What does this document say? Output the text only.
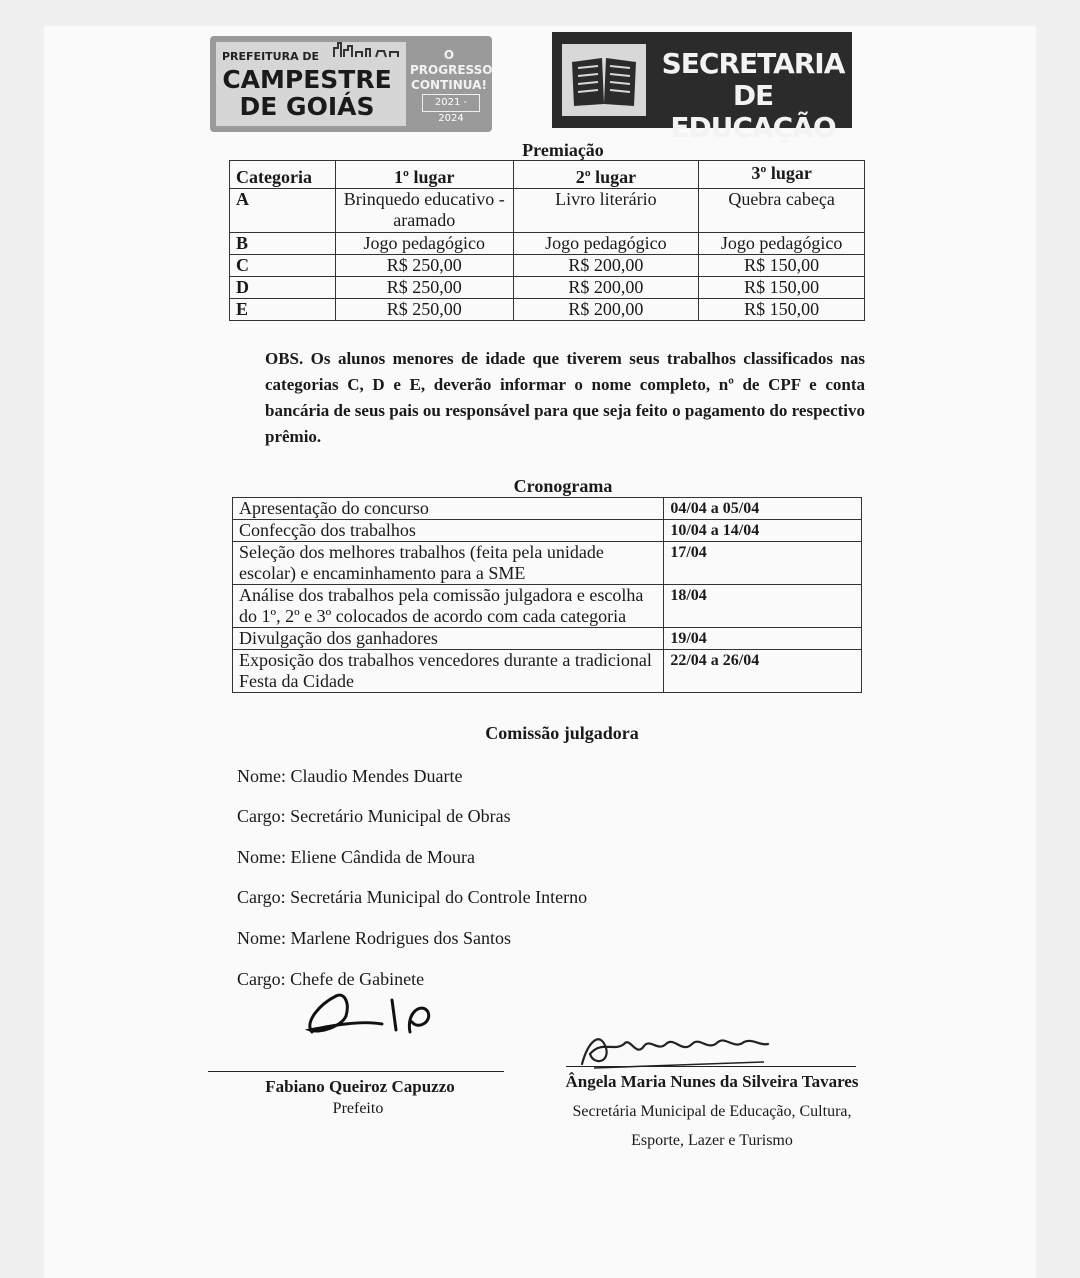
PREFEITURA DE
CAMPESTRE
DE GOIÁS
O PROGRESSO CONTINUA!
2021 - 2024
SECRETARIA DE
EDUCAÇÃO
Premiação
Categoria	1º lugar	2º lugar	3º lugar
A	Brinquedo educativo - aramado	Livro literário	Quebra cabeça
B	Jogo pedagógico	Jogo pedagógico	Jogo pedagógico
C	R$ 250,00	R$ 200,00	R$ 150,00
D	R$ 250,00	R$ 200,00	R$ 150,00
E	R$ 250,00	R$ 200,00	R$ 150,00
OBS. Os alunos menores de idade que tiverem seus trabalhos classificados nas categorias C, D e E, deverão informar o nome completo, nº de CPF e conta bancária de seus pais ou responsável para que seja feito o pagamento do respectivo prêmio.
Cronograma
Apresentação do concurso	04/04 a 05/04
Confecção dos trabalhos	10/04 a 14/04
Seleção dos melhores trabalhos (feita pela unidade escolar) e encaminhamento para a SME	17/04
Análise dos trabalhos pela comissão julgadora e escolha do 1º, 2º e 3º colocados de acordo com cada categoria	18/04
Divulgação dos ganhadores	19/04
Exposição dos trabalhos vencedores durante a tradicional Festa da Cidade	22/04 a 26/04
Comissão julgadora
Nome: Claudio Mendes Duarte
Cargo: Secretário Municipal de Obras
Nome: Eliene Cândida de Moura
Cargo: Secretária Municipal do Controle Interno
Nome: Marlene Rodrigues dos Santos
Cargo: Chefe de Gabinete
Fabiano Queiroz Capuzzo
Prefeito
Ângela Maria Nunes da Silveira Tavares
Secretária Municipal de Educação, Cultura,
Esporte, Lazer e Turismo
